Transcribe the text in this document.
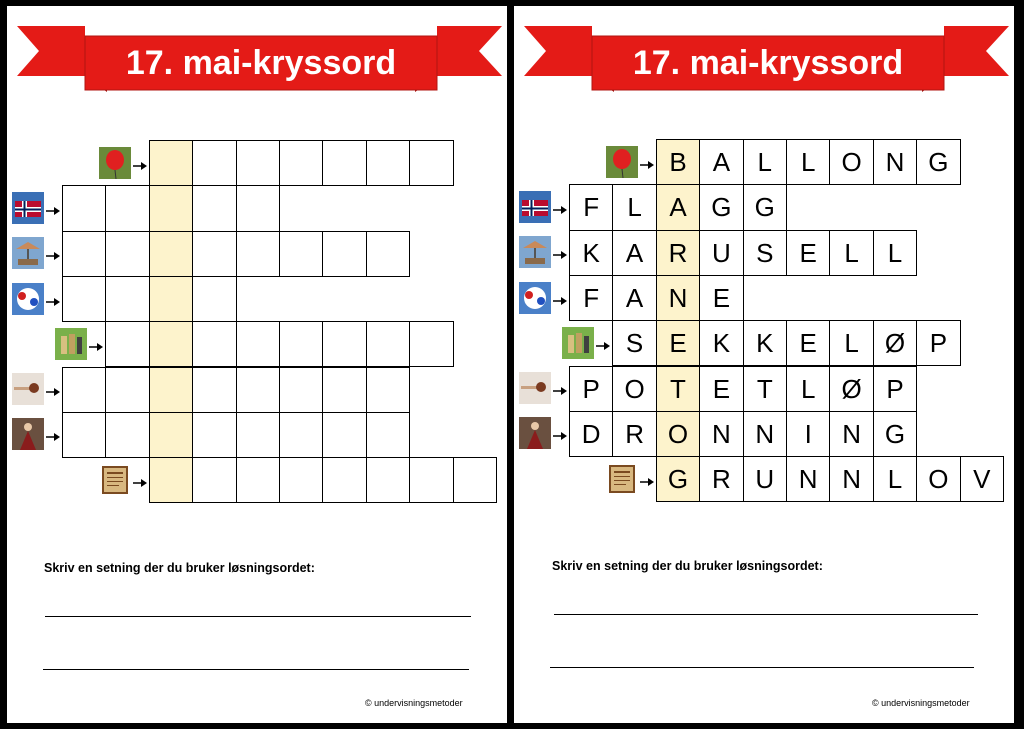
17. mai-kryssord
Skriv en setning der du bruker løsningsordet:
© undervisningsmetoder
17. mai-kryssord
B	A	L	L	O N G
F	L	A G G
K	A R U S	E	L	L
F	A N E
S	E	K	K	E	L	Ø P
P O T	E	T	L	Ø P
D R O N N	I	N G
G R U N N	L	O V
Skriv en setning der du bruker løsningsordet:
© undervisningsmetoder
